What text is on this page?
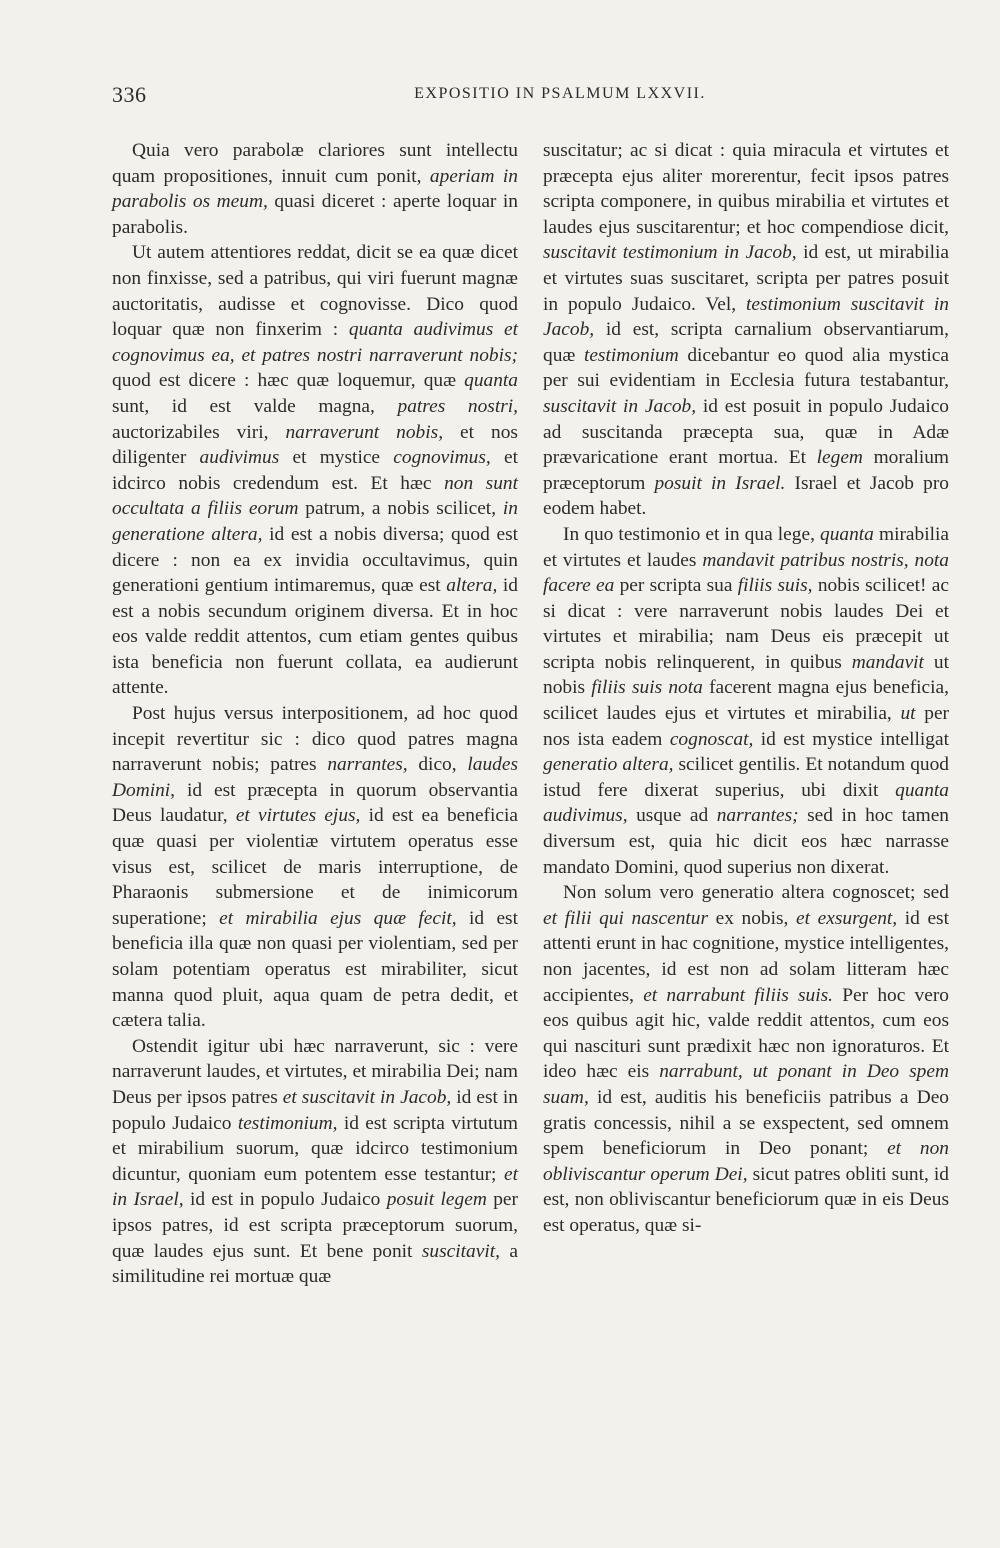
336	EXPOSITIO IN PSALMUM LXXVII.

Quia vero parabolæ clariores sunt intellectu quam propositiones, innuit cum ponit, aperiam in parabolis os meum, quasi diceret : aperte loquar in parabolis.

Ut autem attentiores reddat, dicit se ea quæ dicet non finxisse, sed a patribus, qui viri fuerunt magnæ auctoritatis, audisse et cognovisse. Dico quod loquar quæ non finxerim : quanta audivimus et cognovimus ea, et patres nostri narraverunt nobis; quod est dicere : hæc quæ loquemur, quæ quanta sunt, id est valde magna, patres nostri, auctorizabiles viri, narraverunt nobis, et nos diligenter audivimus et mystice cognovimus, et idcirco nobis credendum est. Et hæc non sunt occultata a filiis eorum patrum, a nobis scilicet, in generatione altera, id est a nobis diversa; quod est dicere : non ea ex invidia occultavimus, quin generationi gentium intimaremus, quæ est altera, id est a nobis secundum originem diversa. Et in hoc eos valde reddit attentos, cum etiam gentes quibus ista beneficia non fuerunt collata, ea audierunt attente.

Post hujus versus interpositionem, ad hoc quod incepit revertitur sic : dico quod patres magna narraverunt nobis; patres narrantes, dico, laudes Domini, id est præcepta in quorum observantia Deus laudatur, et virtutes ejus, id est ea beneficia quæ quasi per violentiæ virtutem operatus esse visus est, scilicet de maris interruptione, de Pharaonis submersione et de inimicorum superatione; et mirabilia ejus quæ fecit, id est beneficia illa quæ non quasi per violentiam, sed per solam potentiam operatus est mirabiliter, sicut manna quod pluit, aqua quam de petra dedit, et cætera talia.

Ostendit igitur ubi hæc narraverunt, sic : vere narraverunt laudes, et virtutes, et mirabilia Dei; nam Deus per ipsos patres et suscitavit in Jacob, id est in populo Judaico testimonium, id est scripta virtutum et mirabilium suorum, quæ idcirco testimonium dicuntur, quoniam eum potentem esse testantur; et in Israel, id est in populo Judaico posuit legem per ipsos patres, id est scripta præceptorum suorum, quæ laudes ejus sunt. Et bene ponit suscitavit, a similitudine rei mortuæ quæ

suscitatur; ac si dicat : quia miracula et virtutes et præcepta ejus aliter morerentur, fecit ipsos patres scripta componere, in quibus mirabilia et virtutes et laudes ejus suscitarentur; et hoc compendiose dicit, suscitavit testimonium in Jacob, id est, ut mirabilia et virtutes suas suscitaret, scripta per patres posuit in populo Judaico. Vel, testimonium suscitavit in Jacob, id est, scripta carnalium observantiarum, quæ testimonium dicebantur eo quod alia mystica per sui evidentiam in Ecclesia futura testabantur, suscitavit in Jacob, id est posuit in populo Judaico ad suscitanda præcepta sua, quæ in Adæ prævaricatione erant mortua. Et legem moralium præceptorum posuit in Israel. Israel et Jacob pro eodem habet.

In quo testimonio et in qua lege, quanta mirabilia et virtutes et laudes mandavit patribus nostris, nota facere ea per scripta sua filiis suis, nobis scilicet! ac si dicat : vere narraverunt nobis laudes Dei et virtutes et mirabilia; nam Deus eis præcepit ut scripta nobis relinquerent, in quibus mandavit ut nobis filiis suis nota facerent magna ejus beneficia, scilicet laudes ejus et virtutes et mirabilia, ut per nos ista eadem cognoscat, id est mystice intelligat generatio altera, scilicet gentilis. Et notandum quod istud fere dixerat superius, ubi dixit quanta audivimus, usque ad narrantes; sed in hoc tamen diversum est, quia hic dicit eos hæc narrasse mandato Domini, quod superius non dixerat.

Non solum vero generatio altera cognoscet; sed et filii qui nascentur ex nobis, et exsurgent, id est attenti erunt in hac cognitione, mystice intelligentes, non jacentes, id est non ad solam litteram hæc accipientes, et narrabunt filiis suis. Per hoc vero eos quibus agit hic, valde reddit attentos, cum eos qui nascituri sunt prædixit hæc non ignoraturos. Et ideo hæc eis narrabunt, ut ponant in Deo spem suam, id est, auditis his beneficiis patribus a Deo gratis concessis, nihil a se exspectent, sed omnem spem beneficiorum in Deo ponant; et non obliviscantur operum Dei, sicut patres obliti sunt, id est, non obliviscantur beneficiorum quæ in eis Deus est operatus, quæ si-
